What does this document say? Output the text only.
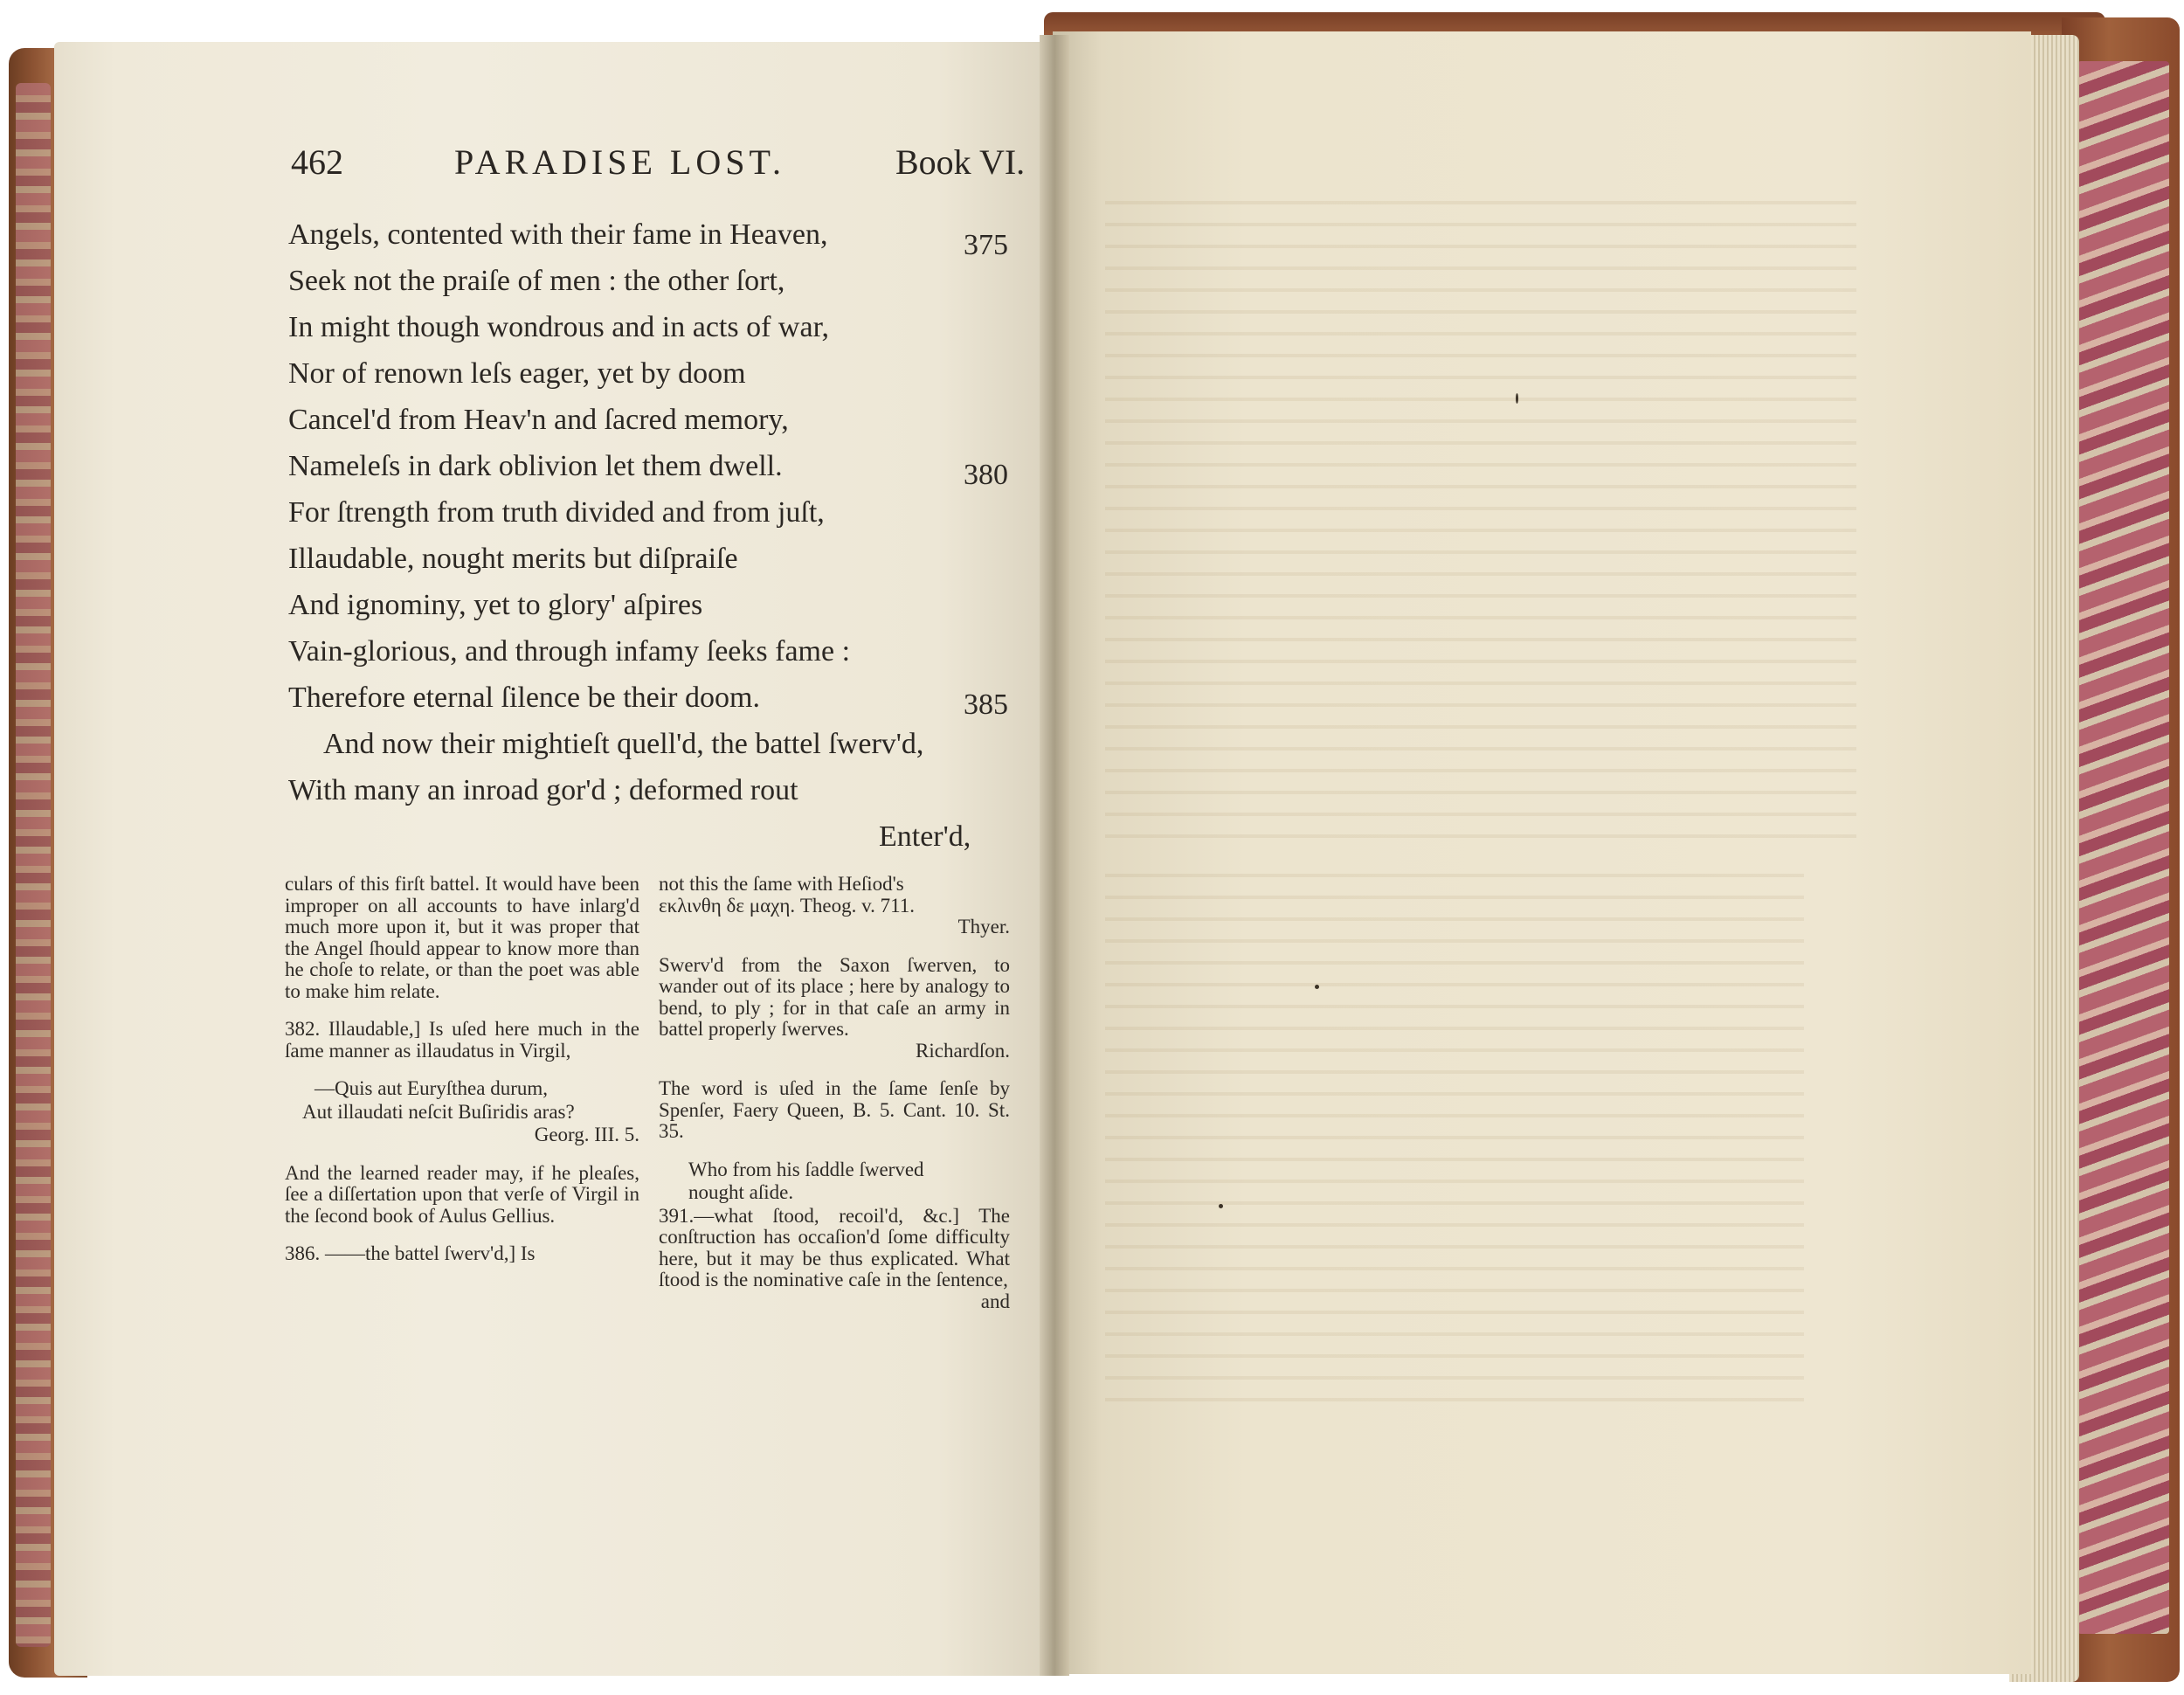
462	PARADISE LOST.	Book VI.
Angels, contented with their fame in Heaven,
Seek not the praiſe of men : the other ſort,
In might though wondrous and in acts of war,
Nor of renown leſs eager, yet by doom
Cancel'd from Heav'n and ſacred memory,
Nameleſs in dark oblivion let them dwell.
For ſtrength from truth divided and from juſt,
Illaudable, nought merits but diſpraiſe
And ignominy, yet to glory' aſpires
Vain-glorious, and through infamy ſeeks fame :
Therefore eternal ſilence be their doom.
And now their mightieſt quell'd, the battel ſwerv'd,
With many an inroad gor'd ; deformed rout
Enter'd,
375
380
385

culars of this firſt battel. It would have been improper on all accounts to have inlarg'd much more upon it, but it was proper that the Angel ſhould appear to know more than he choſe to relate, or than the poet was able to make him relate.

382. Illaudable,] Is uſed here much in the ſame manner as illaudatus in Virgil,

—Quis aut Euryſthea durum,
Aut illaudati neſcit Buſiridis aras?

Georg. III. 5.

And the learned reader may, if he pleaſes, ſee a diſſertation upon that verſe of Virgil in the ſecond book of Aulus Gellius.

386. ——the battel ſwerv'd,] Is

not this the ſame with Heſiod's
εκλινθη δε μαχη. Theog. v. 711.

Thyer.

Swerv'd from the Saxon ſwerven, to wander out of its place ; here by analogy to bend, to ply ; for in that caſe an army in battel properly ſwerves.

Richardſon.

The word is uſed in the ſame ſenſe by Spenſer, Faery Queen, B. 5. Cant. 10. St. 35.

Who from his ſaddle ſwerved

nought aſide.

391.—what ſtood, recoil'd, &c.] The conſtruction has occaſion'd ſome difficulty here, but it may be thus explicated. What ſtood is the nominative caſe in the ſentence,
and
